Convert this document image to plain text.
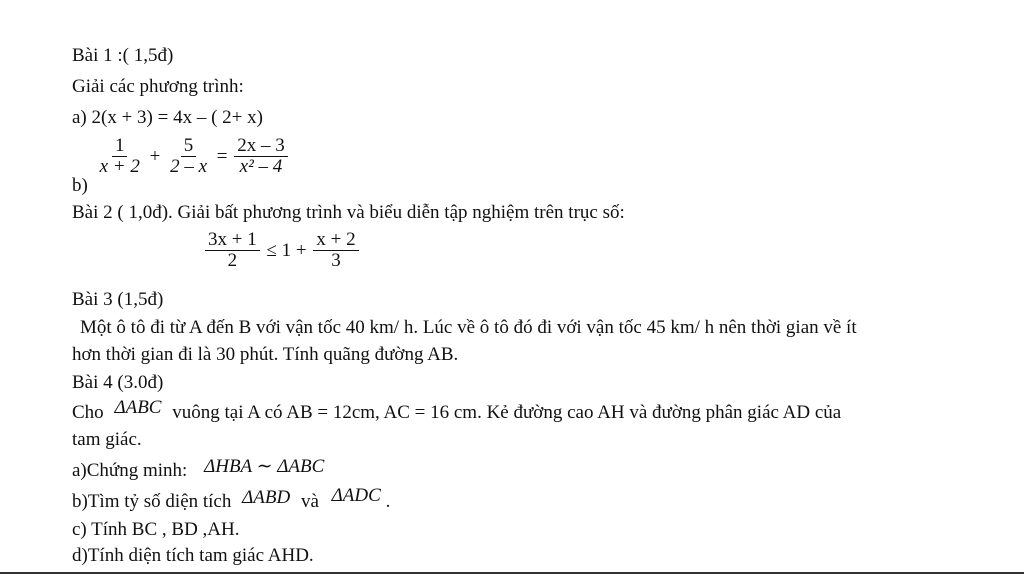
Bài 1 :( 1,5đ)
Giải các phương trình:
a) 2(x + 3) = 4x – ( 2+ x)
b)
$\frac{1}{x + 2} + \frac{5}{2 - x} = \frac{2x - 3}{\text{x² – 4}}$
Bài 2 ( 1,0đ). Giải bất phương trình và biểu diễn tập nghiệm trên trục số:
$\frac{3x + 1}{2} \le 1 + \frac{x + 2}{3}$
Bài 3 (1,5đ)
Một ô tô đi từ A đến B với vận tốc 40 km/ h. Lúc về ô tô đó đi với vận tốc 45 km/ h nên thời gian về ít
hơn thời gian đi là 30 phút. Tính quãng đường AB.
Bài 4 (3.0đ)
Cho ΔABC vuông tại A có AB = 12cm, AC = 16 cm. Kẻ đường cao AH và đường phân giác AD của
tam giác.
a)Chứng minh: ΔHBA ∼ ΔABC
b)Tìm tỷ số diện tích ΔABD và ΔADC .
c) Tính BC , BD ,AH.
d)Tính diện tích tam giác AHD.
